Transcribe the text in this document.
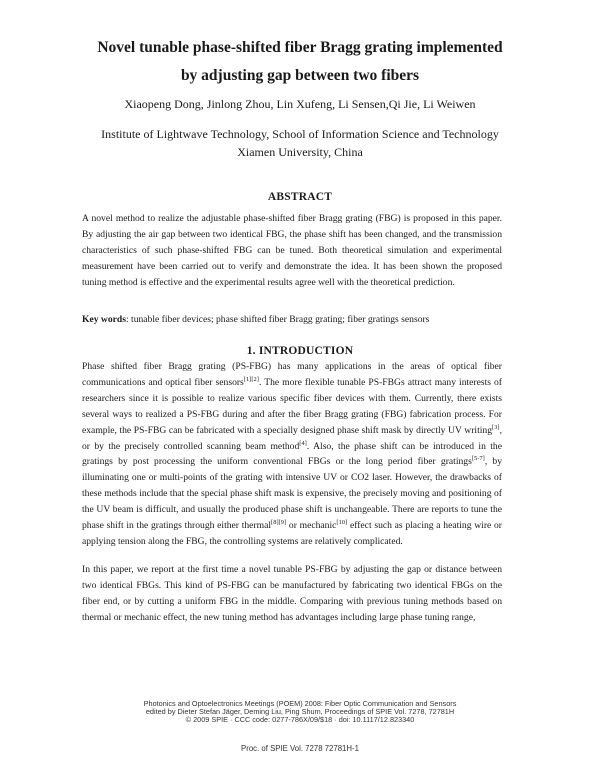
Novel tunable phase-shifted fiber Bragg grating implemented
by adjusting gap between two fibers
Xiaopeng Dong, Jinlong Zhou, Lin Xufeng, Li Sensen,Qi Jie, Li Weiwen
Institute of Lightwave Technology, School of Information Science and Technology
Xiamen University, China
ABSTRACT
A novel method to realize the adjustable phase-shifted fiber Bragg grating (FBG) is proposed in this paper. By adjusting the air gap between two identical FBG, the phase shift has been changed, and the transmission characteristics of such phase-shifted FBG can be tuned. Both theoretical simulation and experimental measurement have been carried out to verify and demonstrate the idea. It has been shown the proposed tuning method is effective and the experimental results agree well with the theoretical prediction.
Key words: tunable fiber devices; phase shifted fiber Bragg grating; fiber gratings sensors
1. INTRODUCTION
Phase shifted fiber Bragg grating (PS-FBG) has many applications in the areas of optical fiber communications and optical fiber sensors[1][2]. The more flexible tunable PS-FBGs attract many interests of researchers since it is possible to realize various specific fiber devices with them. Currently, there exists several ways to realized a PS-FBG during and after the fiber Bragg grating (FBG) fabrication process. For example, the PS-FBG can be fabricated with a specially designed phase shift mask by directly UV writing[3], or by the precisely controlled scanning beam method[4]. Also, the phase shift can be introduced in the gratings by post processing the uniform conventional FBGs or the long period fiber gratings[5-7], by illuminating one or multi-points of the grating with intensive UV or CO2 laser. However, the drawbacks of these methods include that the special phase shift mask is expensive, the precisely moving and positioning of the UV beam is difficult, and usually the produced phase shift is unchangeable. There are reports to tune the phase shift in the gratings through either thermal[8][9] or mechanic[10] effect such as placing a heating wire or applying tension along the FBG, the controlling systems are relatively complicated.
In this paper, we report at the first time a novel tunable PS-FBG by adjusting the gap or distance between two identical FBGs. This kind of PS-FBG can be manufactured by fabricating two identical FBGs on the fiber end, or by cutting a uniform FBG in the middle. Comparing with previous tuning methods based on thermal or mechanic effect, the new tuning method has advantages including large phase tuning range,
Photonics and Optoelectronics Meetings (POEM) 2008: Fiber Optic Communication and Sensors
edited by Dieter Stefan Jäger, Deming Liu, Ping Shum, Proceedings of SPIE Vol. 7278, 72781H
© 2009 SPIE · CCC code: 0277-786X/09/$18 · doi: 10.1117/12.823340
Proc. of SPIE Vol. 7278 72781H-1
